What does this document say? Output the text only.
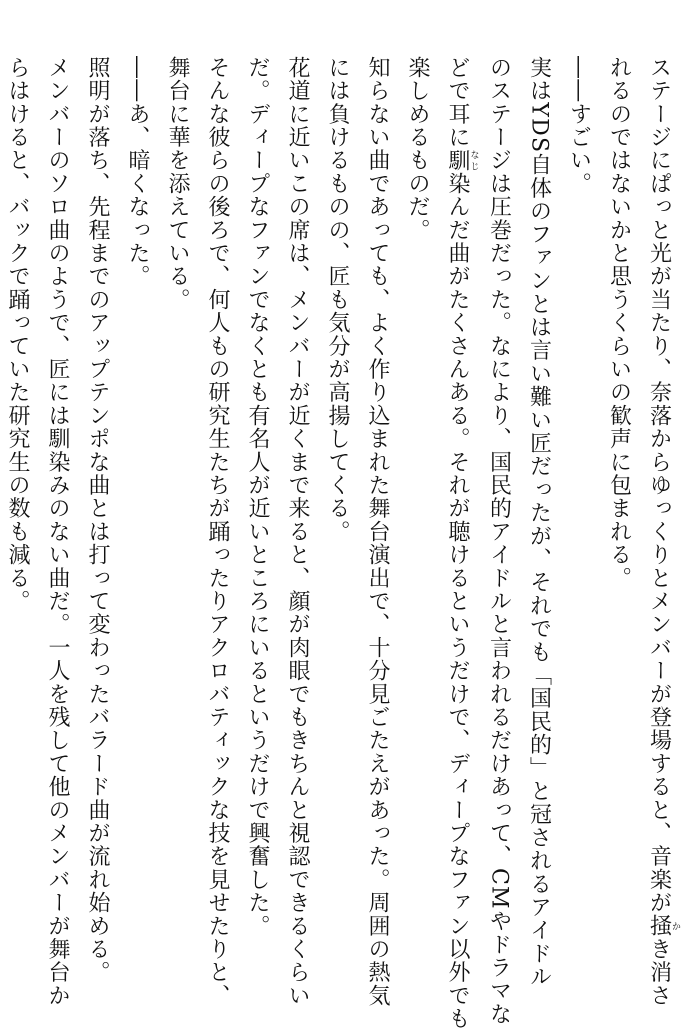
ステージにぱっと光が当たり、奈落からゆっくりとメンバーが登場すると、音楽が掻かき消さ
れるのではないかと思うくらいの歓声に包まれる。
――すごい。
実はYDS自体のファンとは言い難い匠だったが、それでも「国民的」と冠されるアイドル
のステージは圧巻だった。なにより、国民的アイドルと言われるだけあって、CMやドラマな
どで耳に馴なじ染んだ曲がたくさんある。それが聴けるというだけで、ディープなファン以外でも
楽しめるものだ。
知らない曲であっても、よく作り込まれた舞台演出で、十分見ごたえがあった。周囲の熱気
には負けるものの、匠も気分が高揚してくる。
花道に近いこの席は、メンバーが近くまで来ると、顔が肉眼でもきちんと視認できるくらい
だ。ディープなファンでなくとも有名人が近いところにいるというだけで興奮した。
そんな彼らの後ろで、何人もの研究生たちが踊ったりアクロバティックな技を見せたりと、
舞台に華を添えている。
――あ、暗くなった。
照明が落ち、先程までのアップテンポな曲とは打って変わったバラード曲が流れ始める。
メンバーのソロ曲のようで、匠には馴染みのない曲だ。一人を残して他のメンバーが舞台か
らはけると、バックで踊っていた研究生の数も減る。
